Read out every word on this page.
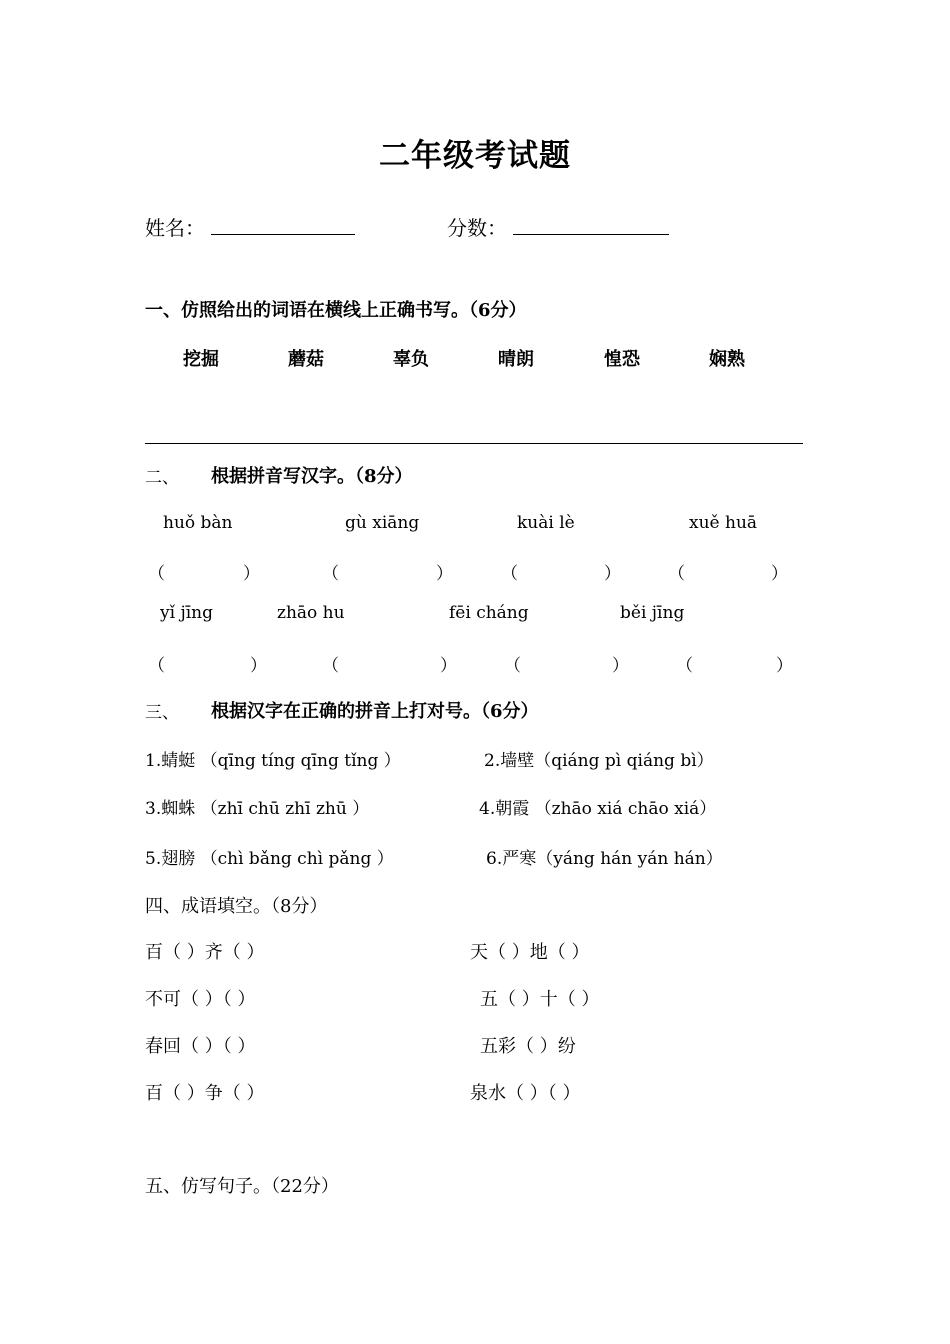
二年级考试题
姓名：	分数：
一、仿照给出的词语在横线上正确书写。（6分）
挖掘	蘑菇	辜负	晴朗	惶恐	娴熟
二、 根据拼音写汉字。（8分）
huǒ bàn	gù xiāng	kuài lè	xuě huā
（	）	（	）	（	）	（	）
yǐ jīng	zhāo hu	fēi cháng	běi jīng
（	）	（	）	（	）	（	）
三、 根据汉字在正确的拼音上打对号。（6分）
1.蜻蜓 （qīng tíng qīng tǐng ）	2.墙壁（qiáng pì qiáng bì）
3.蜘蛛 （zhī chū zhī zhū ）	4.朝霞 （zhāo xiá chāo xiá）
5.翅膀 （chì bǎng chì pǎng ）	6.严寒（yáng hán yán hán）
四、成语填空。（8分）
百（ ）齐（ ）	天（ ）地（ ）
不可（ ）（ ）	五（ ）十（ ）
春回（ ）（ ）	五彩（ ）纷
百（ ）争（ ）	泉水（ ）（ ）
五、仿写句子。（22分）
